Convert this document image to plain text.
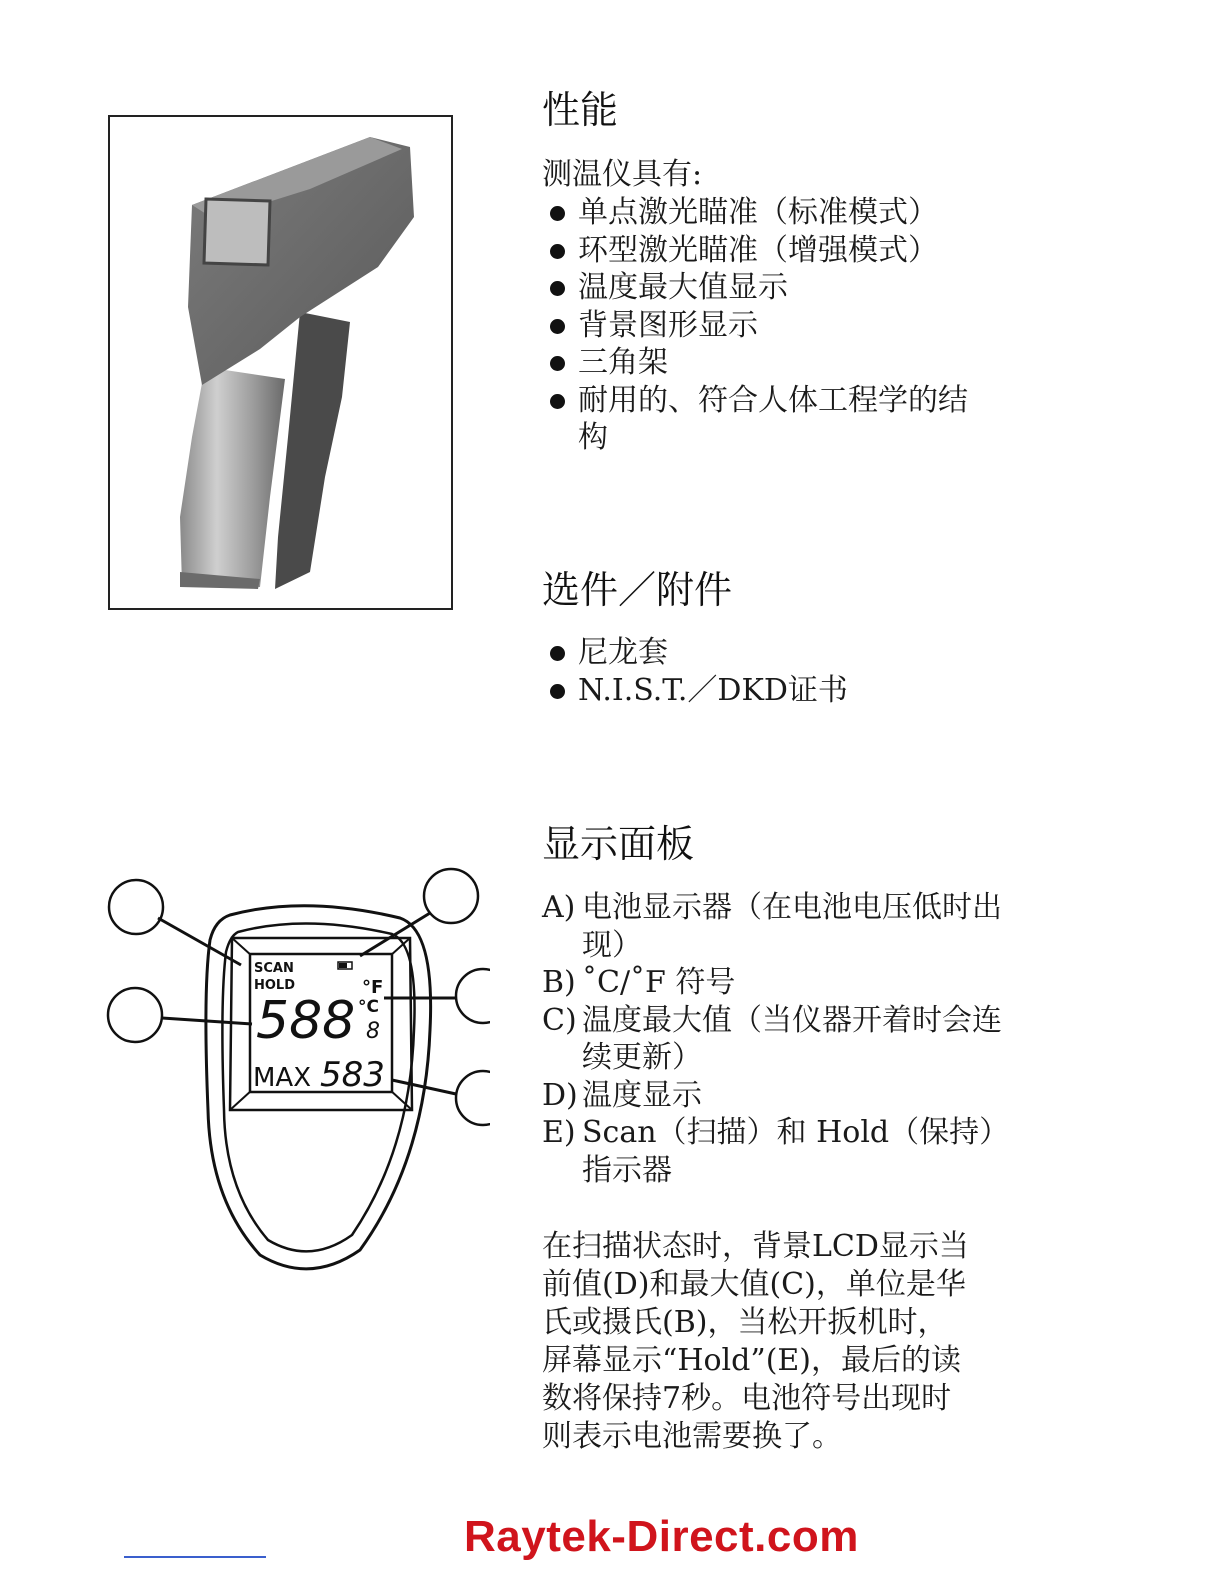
性能
测温仪具有:
单点激光瞄准（标准模式）
环型激光瞄准（增强模式）
温度最大值显示
背景图形显示
三角架
耐用的、符合人体工程学的结构
选件／附件
尼龙套
N.I.S.T.／DKD证书
SCAN
HOLD	°F
°C
588 8
MAX 583
显示面板
A) 电池显示器（在电池电压低时出现）
B) ˚C/˚F 符号
C) 温度最大值（当仪器开着时会连续更新）
D) 温度显示
E) Scan（扫描）和 Hold（保持）指示器
在扫描状态时，背景LCD显示当前值(D)和最大值(C)，单位是华氏或摄氏(B)，当松开扳机时，屏幕显示“Hold”(E)，最后的读数将保持7秒。电池符号出现时则表示电池需要换了。
Raytek-Direct.com
